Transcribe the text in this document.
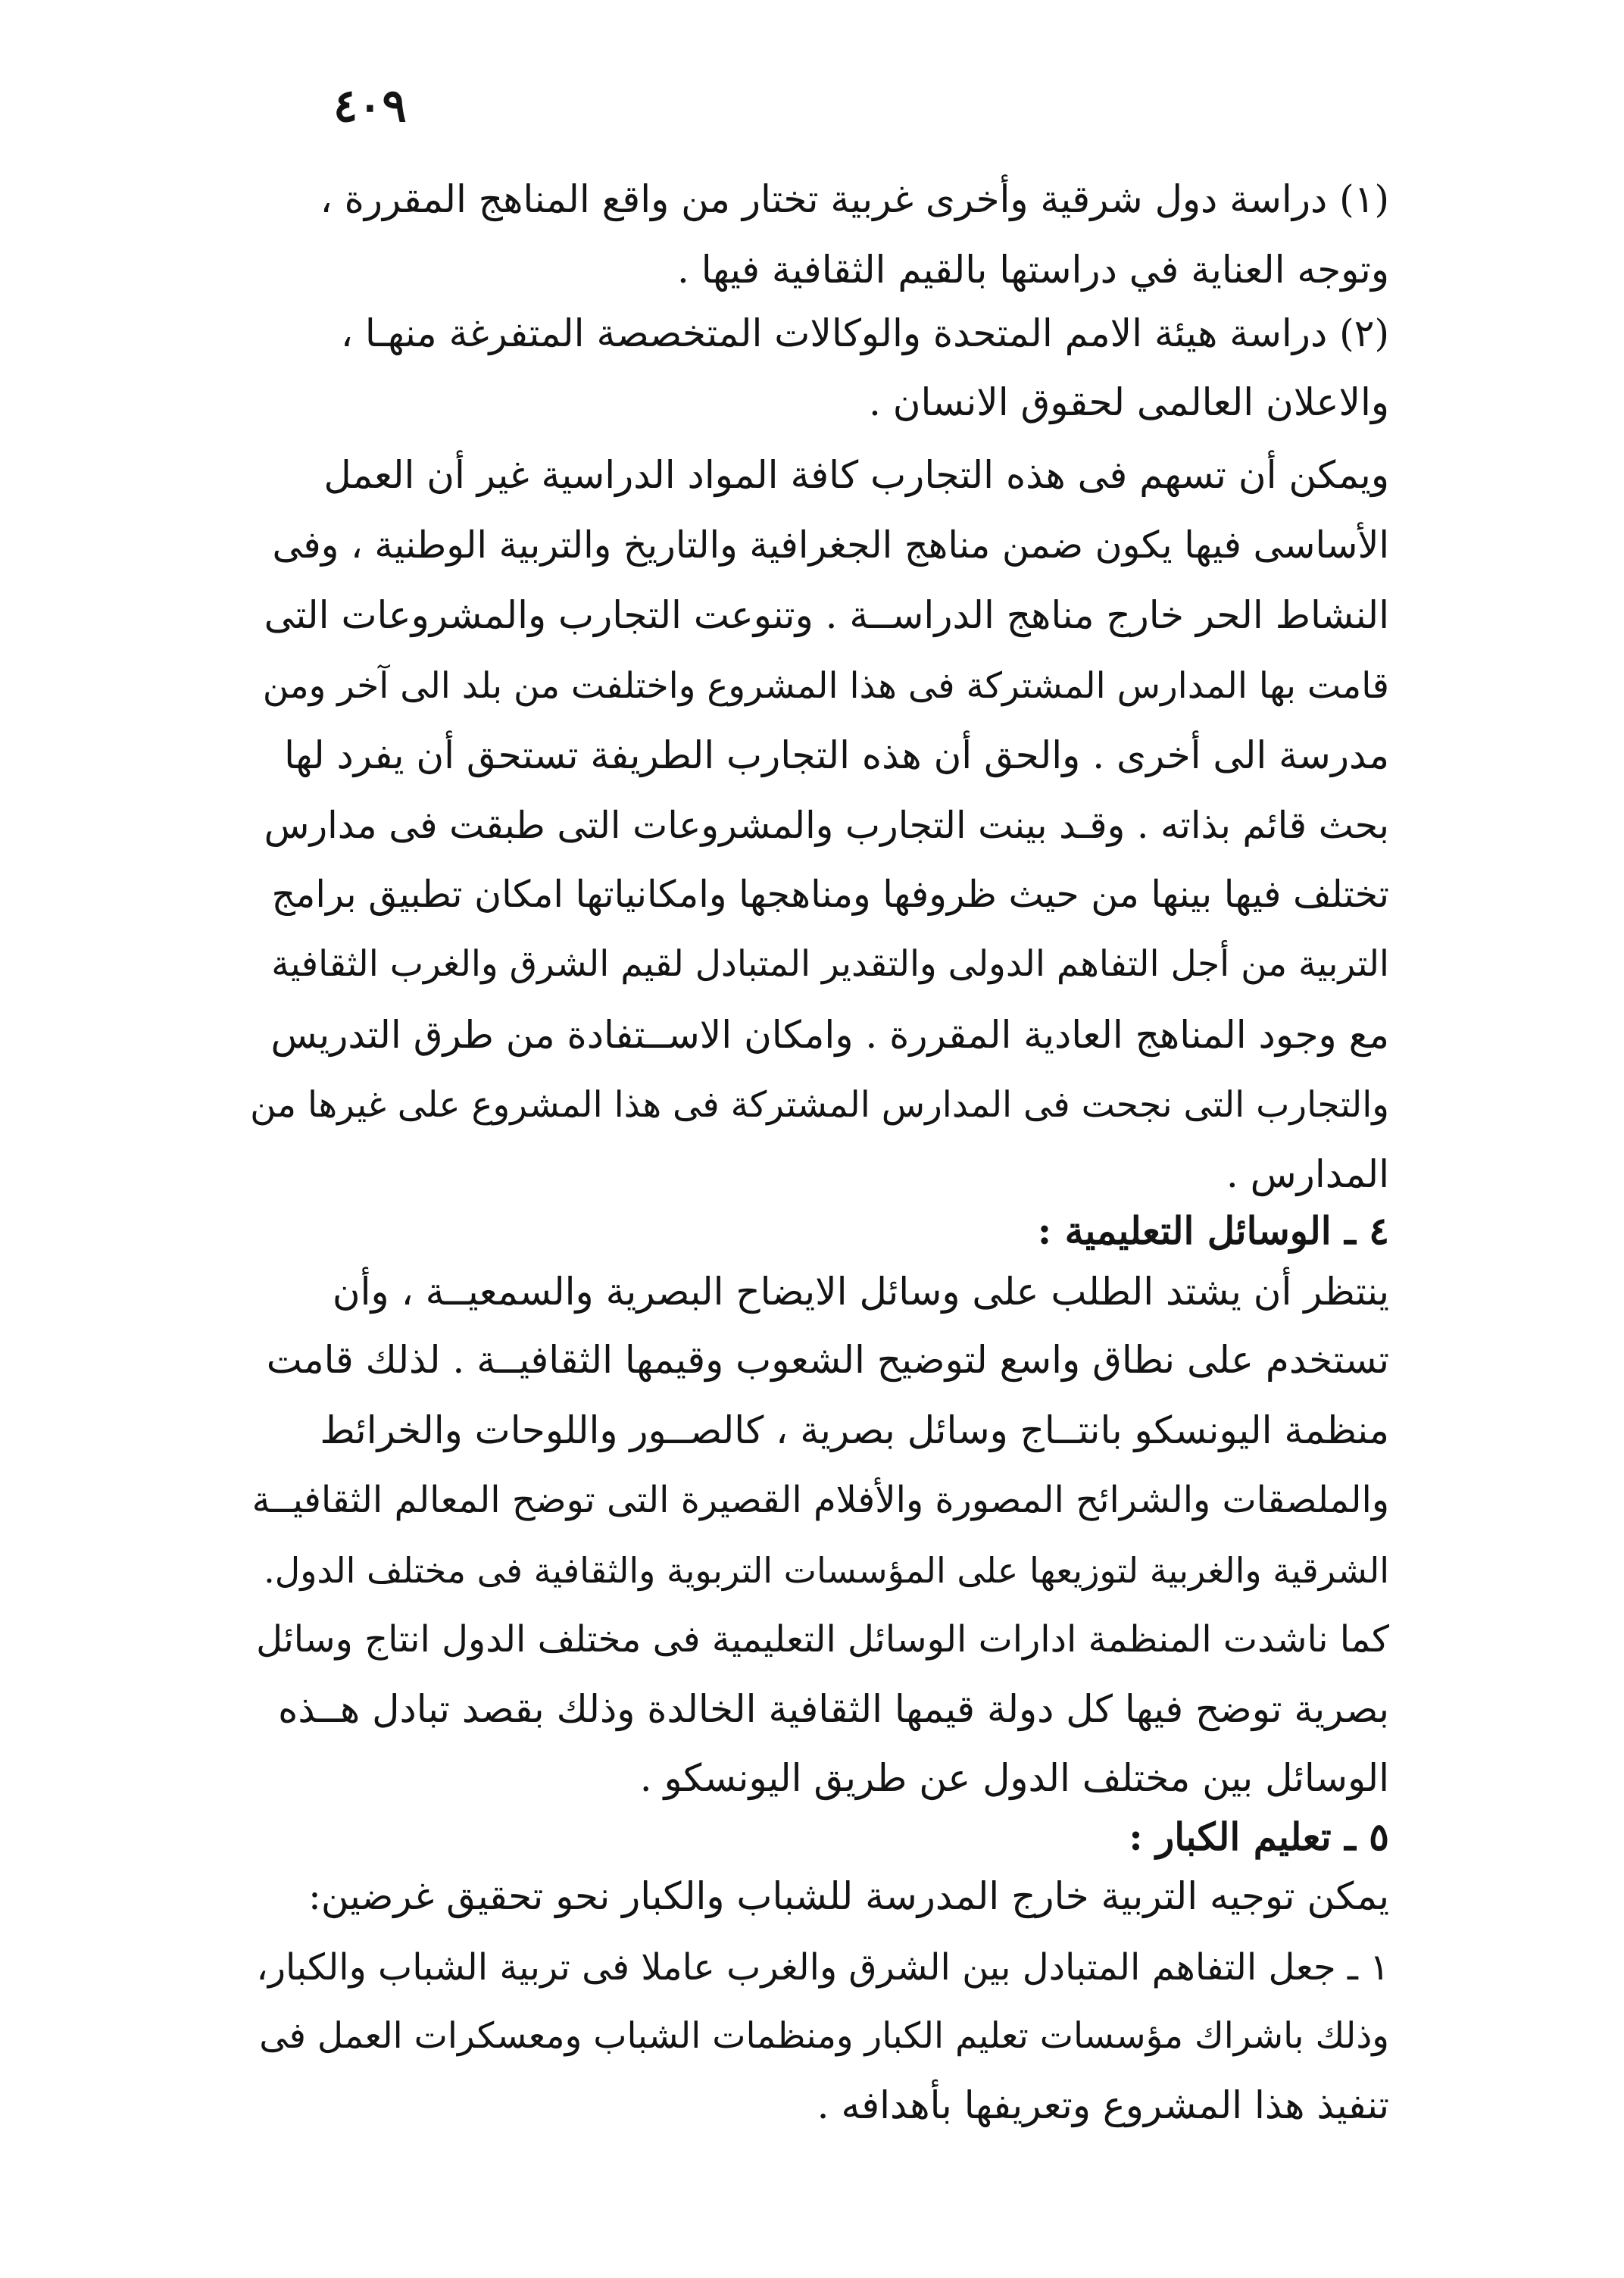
٤٠٩
(١) دراسة دول شرقية وأخرى غربية تختار من واقع المناهج المقررة ،
وتوجه العناية في دراستها بالقيم الثقافية فيها .
(٢) دراسة هيئة الامم المتحدة والوكالات المتخصصة المتفرغة منهـا ،
والاعلان العالمى لحقوق الانسان .
ويمكن أن تسهم فى هذه التجارب كافة المواد الدراسية غير أن العمل
الأساسى فيها يكون ضمن مناهج الجغرافية والتاريخ والتربية الوطنية ، وفى
النشاط الحر خارج مناهج الدراســة . وتنوعت التجارب والمشروعات التى
قامت بها المدارس المشتركة فى هذا المشروع واختلفت من بلد الى آخر ومن
مدرسة الى أخرى . والحق أن هذه التجارب الطريفة تستحق أن يفرد لها
بحث قائم بذاته . وقـد بينت التجارب والمشروعات التى طبقت فى مدارس
تختلف فيها بينها من حيث ظروفها ومناهجها وامكانياتها امكان تطبيق برامج
التربية من أجل التفاهم الدولى والتقدير المتبادل لقيم الشرق والغرب الثقافية
مع وجود المناهج العادية المقررة . وامكان الاســتفادة من طرق التدريس
والتجارب التى نجحت فى المدارس المشتركة فى هذا المشروع على غيرها من
المدارس .
٤ ـ الوسائل التعليمية :
ينتظر أن يشتد الطلب على وسائل الايضاح البصرية والسمعيــة ، وأن
تستخدم على نطاق واسع لتوضيح الشعوب وقيمها الثقافيــة . لذلك قامت
منظمة اليونسكو بانتــاج وسائل بصرية ، كالصــور واللوحات والخرائط
والملصقات والشرائح المصورة والأفلام القصيرة التى توضح المعالم الثقافيــة
الشرقية والغربية لتوزيعها على المؤسسات التربوية والثقافية فى مختلف الدول.
كما ناشدت المنظمة ادارات الوسائل التعليمية فى مختلف الدول انتاج وسائل
بصرية توضح فيها كل دولة قيمها الثقافية الخالدة وذلك بقصد تبادل هــذه
الوسائل بين مختلف الدول عن طريق اليونسكو .
٥ ـ تعليم الكبار :
يمكن توجيه التربية خارج المدرسة للشباب والكبار نحو تحقيق غرضين:
١ ـ جعل التفاهم المتبادل بين الشرق والغرب عاملا فى تربية الشباب والكبار،
وذلك باشراك مؤسسات تعليم الكبار ومنظمات الشباب ومعسكرات العمل فى
تنفيذ هذا المشروع وتعريفها بأهدافه .
